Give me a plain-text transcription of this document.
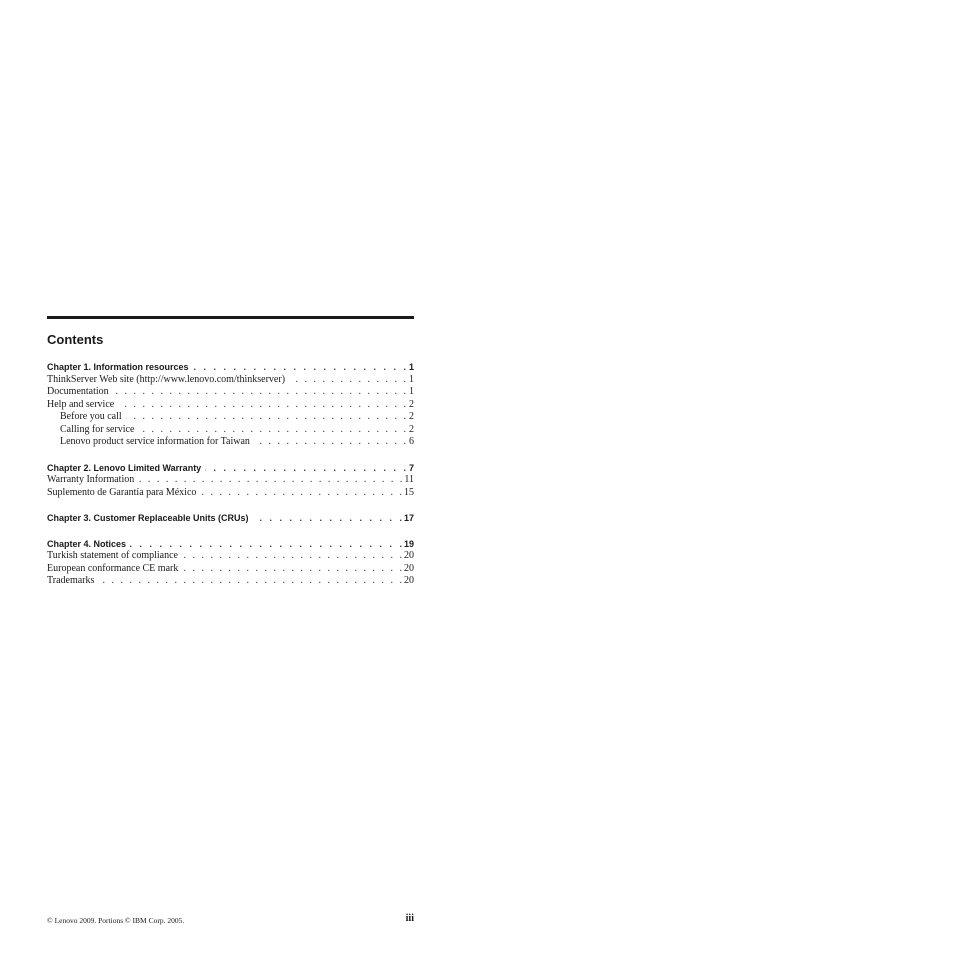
Contents
Chapter 1. Information resources . . .	1
ThinkServer Web site (http://www.lenovo.com/thinkserver) . . .	1
Documentation . . .	1
Help and service . . .	2
Before you call . . .	2
Calling for service . . .	2
Lenovo product service information for Taiwan . . .	6
Chapter 2. Lenovo Limited Warranty . . .	7
Warranty Information . . .	11
Suplemento de Garantía para México . . .	15
Chapter 3. Customer Replaceable Units (CRUs) . . .	17
Chapter 4. Notices . . .	19
Turkish statement of compliance . . .	20
European conformance CE mark . . .	20
Trademarks . . .	20
© Lenovo 2009. Portions © IBM Corp. 2005.	iii
